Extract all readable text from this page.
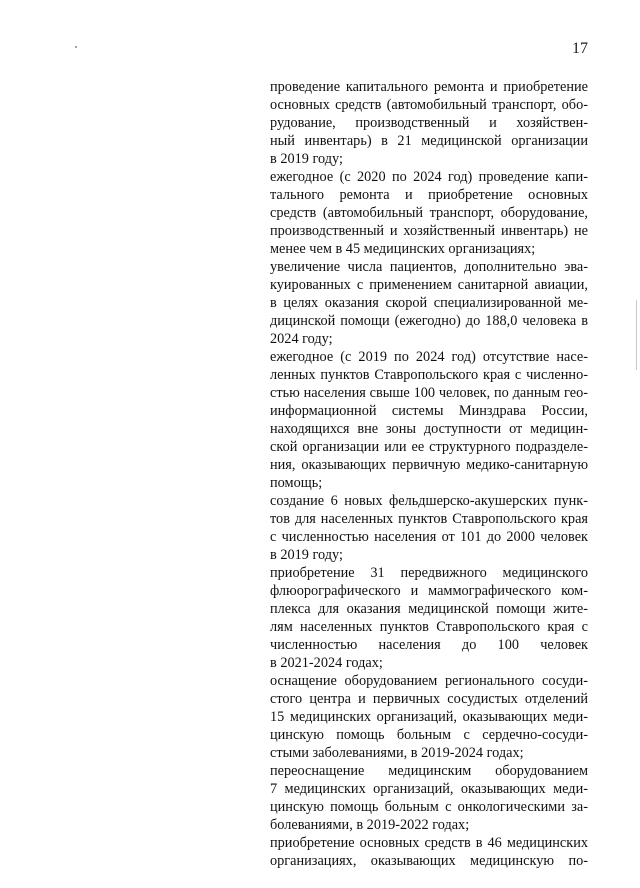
17
проведение капитального ремонта и приобретение
основных средств (автомобильный транспорт, обо-
рудование, производственный и хозяйствен-
ный инвентарь) в 21 медицинской организации
в 2019 году;
ежегодное (с 2020 по 2024 год) проведение капи-
тального ремонта и приобретение основных
средств (автомобильный транспорт, оборудование,
производственный и хозяйственный инвентарь) не
менее чем в 45 медицинских организациях;
увеличение числа пациентов, дополнительно эва-
куированных с применением санитарной авиации,
в целях оказания скорой специализированной ме-
дицинской помощи (ежегодно) до 188,0 человека в
2024 году;
ежегодное (с 2019 по 2024 год) отсутствие насе-
ленных пунктов Ставропольского края с численно-
стью населения свыше 100 человек, по данным гео-
информационной системы Минздрава России,
находящихся вне зоны доступности от медицин-
ской организации или ее структурного подразделе-
ния, оказывающих первичную медико-санитарную
помощь;
создание 6 новых фельдшерско-акушерских пунк-
тов для населенных пунктов Ставропольского края
с численностью населения от 101 до 2000 человек
в 2019 году;
приобретение 31 передвижного медицинского
флюорографического и маммографического ком-
плекса для оказания медицинской помощи жите-
лям населенных пунктов Ставропольского края с
численностью населения до 100 человек
в 2021-2024 годах;
оснащение оборудованием регионального сосуди-
стого центра и первичных сосудистых отделений
15 медицинских организаций, оказывающих меди-
цинскую помощь больным с сердечно-сосуди-
стыми заболеваниями, в 2019-2024 годах;
переоснащение медицинским оборудованием
7 медицинских организаций, оказывающих меди-
цинскую помощь больным с онкологическими за-
болеваниями, в 2019-2022 годах;
приобретение основных средств в 46 медицинских
организациях, оказывающих медицинскую по-
